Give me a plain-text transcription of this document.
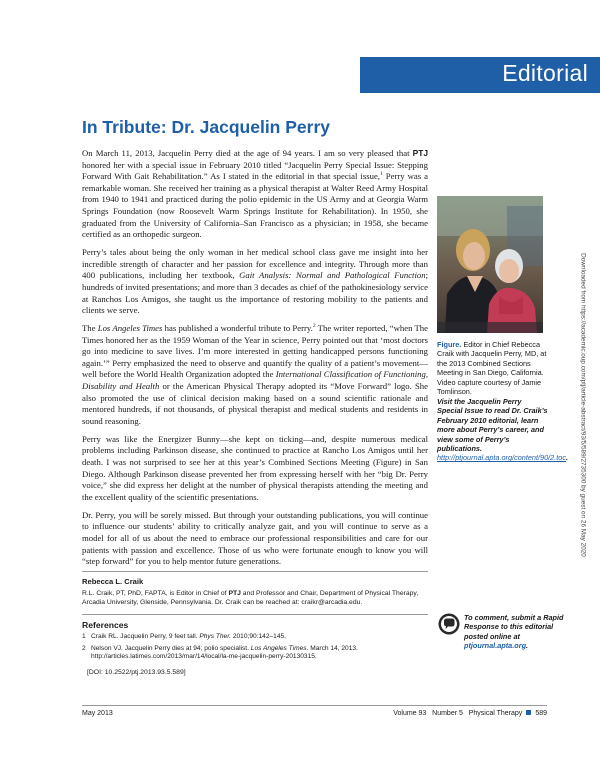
Editorial
In Tribute: Dr. Jacquelin Perry

On March 11, 2013, Jacquelin Perry died at the age of 94 years. I am so very pleased that PTJ honored her with a special issue in February 2010 titled “Jacquelin Perry Special Issue: Stepping Forward With Gait Rehabilitation.” As I stated in the editorial in that special issue,$^1$ Perry was a remarkable woman. She received her training as a physical therapist at Walter Reed Army Hospital from 1940 to 1941 and practiced during the polio epidemic in the US Army and at Georgia Warm Springs Foundation (now Roosevelt Warm Springs Institute for Rehabilitation). In 1950, she graduated from the University of California–San Francisco as a physician; in 1958, she became certified as an orthopedic surgeon.

Perry’s tales about being the only woman in her medical school class gave me insight into her incredible strength of character and her passion for excellence and integrity. Through more than 400 publications, including her textbook, Gait Analysis: Normal and Pathological Function; hundreds of invited presentations; and more than 3 decades as chief of the pathokinesiology service at Ranchos Los Amigos, she taught us the importance of restoring mobility to the patients and clients we serve.

The Los Angeles Times has published a wonderful tribute to Perry.$^2$ The writer reported, “when The Times honored her as the 1959 Woman of the Year in science, Perry pointed out that ‘most doctors go into medicine to save lives. I’m more interested in getting handicapped persons functioning again.’” Perry emphasized the need to observe and quantify the quality of a patient’s movement—well before the World Health Organization adopted the International Classification of Functioning, Disability and Health or the American Physical Therapy adopted its “Move Forward” logo. She also promoted the use of clinical decision making based on a sound scientific rationale and mentored hundreds, if not thousands, of physical therapist and medical students and residents in sound reasoning.

Perry was like the Energizer Bunny—she kept on ticking—and, despite numerous medical problems including Parkinson disease, she continued to practice at Rancho Los Amigos until her death. I was not surprised to see her at this year’s Combined Sections Meeting (Figure) in San Diego. Although Parkinson disease prevented her from expressing herself with her “big Dr. Perry voice,” she did express her delight at the number of physical therapists attending the meeting and the excellent quality of the scientific presentations.

Dr. Perry, you will be sorely missed. But through your outstanding publications, you will continue to influence our students’ ability to critically analyze gait, and you will continue to serve as a model for all of us about the need to embrace our professional responsibilities and care for our patients with passion and excellence. Those of us who were fortunate enough to know you will “step forward” for you to help mentor future generations.

Rebecca L. Craik
R.L. Craik, PT, PhD, FAPTA, is Editor in Chief of PTJ and Professor and Chair, Department of Physical Therapy, Arcadia University, Glenside, Pennsylvania. Dr. Craik can be reached at: craikr@arcadia.edu.
References
1 Craik RL. Jacquelin Perry, 9 feet tall. Phys Ther. 2010;90:142–145.
2 Nelson VJ. Jacquelin Perry dies at 94; polio specialist. Los Angeles Times. March 14, 2013. http://articles.latimes.com/2013/mar/14/local/la-me-jacquelin-perry-20130315.
[DOI: 10.2522/ptj.2013.93.5.589]
Figure. Editor in Chief Rebecca Craik with Jacquelin Perry, MD, at the 2013 Combined Sections Meeting in San Diego, California. Video capture courtesy of Jamie Tomlinson.
Visit the Jacquelin Perry Special Issue to read Dr. Craik’s February 2010 editorial, learn more about Perry’s career, and view some of Perry’s publications. http://ptjournal.apta.org/content/90/2.toc.
To comment, submit a Rapid Response to this editorial posted online at ptjournal.apta.org.
Downloaded from https://academic.oup.com/ptj/article-abstract/93/5/589/2735300 by guest on 26 May 2020
May 2013	Volume 93 Number 5 Physical Therapy 589
